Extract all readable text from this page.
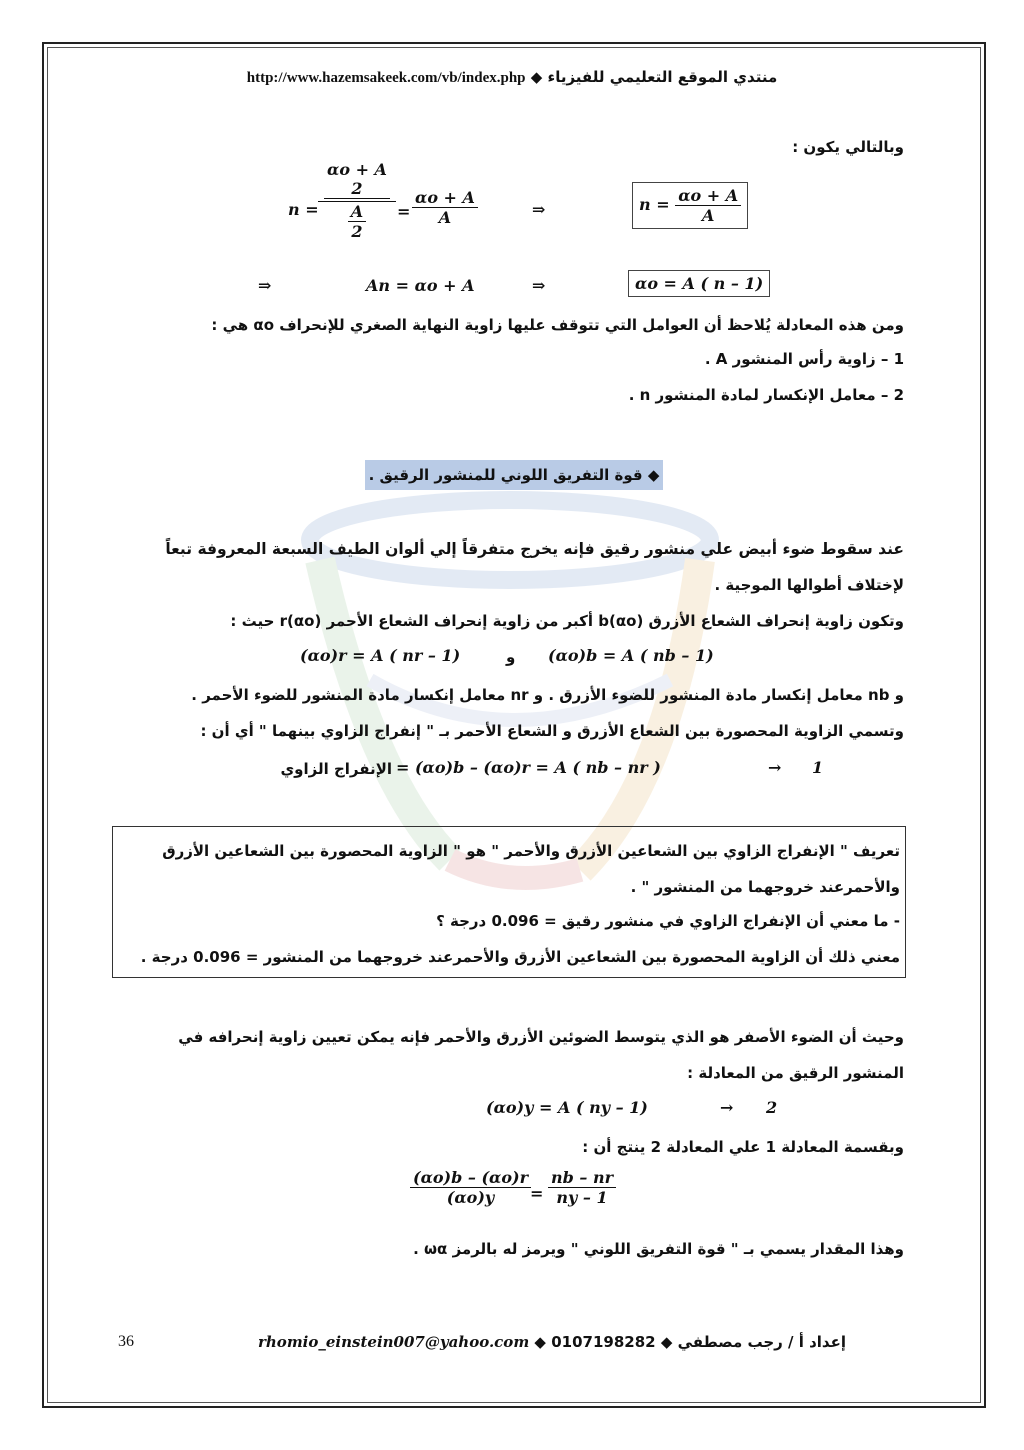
http://www.hazemsakeek.com/vb/index.php ◆ منتدي الموقع التعليمي للفيزياء
وبالتالي يكون :
n =
αo + A
2
$\frac{A}{2} = \frac{\alpha o + A}{A}$	⇒	$n = \frac{\alpha o + A}{A}$
⇒	An = αo + A	⇒	αo = A ( n – 1)
ومن هذه المعادلة يُلاحظ أن العوامل التي تتوقف عليها زاوية النهاية الصغري للإنحراف αo هي :
1 – زاوية رأس المنشور A .
2 – معامل الإنكسار لمادة المنشور n .
◆ قوة التفريق اللوني للمنشور الرقيق .
عند سقوط ضوء أبيض علي منشور رقيق فإنه يخرج متفرقاً إلي ألوان الطيف السبعة المعروفة تبعاً
لإختلاف أطوالها الموجية .
وتكون زاوية إنحراف الشعاع الأزرق (αo)b أكبر من زاوية إنحراف الشعاع الأحمر (αo)r حيث :
(αo)b = A ( nb – 1)
و
(αo)r = A ( nr – 1)
و nb معامل إنكسار مادة المنشور للضوء الأزرق . و nr معامل إنكسار مادة المنشور للضوء الأحمر .
وتسمي الزاوية المحصورة بين الشعاع الأزرق و الشعاع الأحمر بـ " إنفراج الزاوي بينهما " أي أن :
الإنفراج الزاوي = (αo)b – (αo)r = A ( nb – nr )	→ 1
تعريف " الإنفراج الزاوي بين الشعاعين الأزرق والأحمر " هو " الزاوية المحصورة بين الشعاعين الأزرق
والأحمرعند خروجهما من المنشور " .
- ما معني أن الإنفراج الزاوي في منشور رقيق = 0.096 درجة ؟
معني ذلك أن الزاوية المحصورة بين الشعاعين الأزرق والأحمرعند خروجهما من المنشور = 0.096 درجة .
وحيث أن الضوء الأصفر هو الذي يتوسط الضوئين الأزرق والأحمر فإنه يمكن تعيين زاوية إنحرافه في
المنشور الرقيق من المعادلة :
(αo)y = A ( ny – 1)	→ 2
وبقسمة المعادلة 1 علي المعادلة 2 ينتج أن :
$\frac{(\alpha o)b - (\alpha o)r}{(\alpha o)y}$
= $\frac{nb - nr}{ny - 1}$
وهذا المقدار يسمي بـ " قوة التفريق اللوني " ويرمز له بالرمز ωα .
36	rhomio_einstein007@yahoo.com ◆ 0107198282 ◆ إعداد أ / رجب مصطفي
